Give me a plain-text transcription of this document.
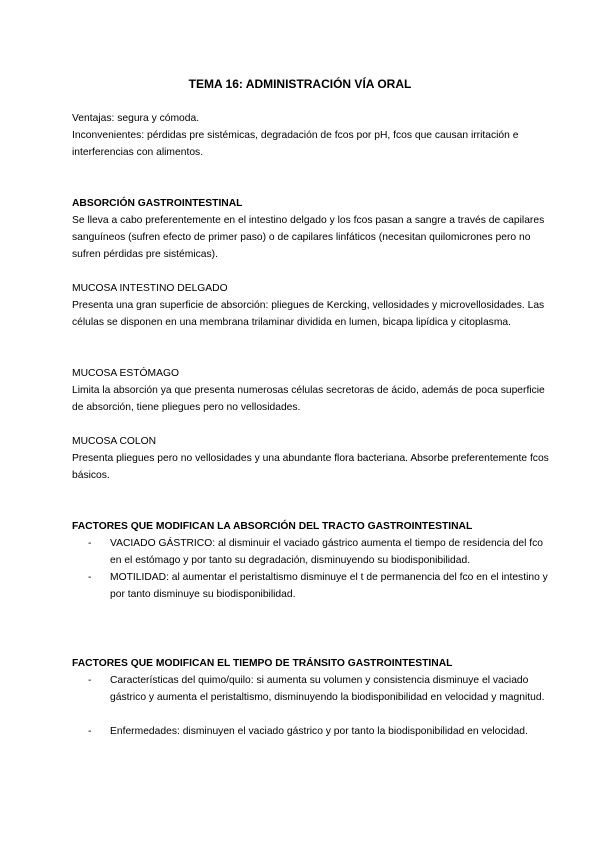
TEMA 16: ADMINISTRACIÓN VÍA ORAL

Ventajas: segura y cómoda.

Inconvenientes: pérdidas pre sistémicas, degradación de fcos por pH, fcos que causan irritación e interferencias con alimentos.

ABSORCIÓN GASTROINTESTINAL

Se lleva a cabo preferentemente en el intestino delgado y los fcos pasan a sangre a través de capilares sanguíneos (sufren efecto de primer paso) o de capilares linfáticos (necesitan quilomicrones pero no sufren pérdidas pre sistémicas).

MUCOSA INTESTINO DELGADO

Presenta una gran superficie de absorción: pliegues de Kercking, vellosidades y microvellosidades. Las células se disponen en una membrana trilaminar dividida en lumen, bicapa lipídica y citoplasma.

MUCOSA ESTÓMAGO

Limita la absorción ya que presenta numerosas células secretoras de ácido, además de poca superficie de absorción, tiene pliegues pero no vellosidades.

MUCOSA COLON

Presenta pliegues pero no vellosidades y una abundante flora bacteriana. Absorbe preferentemente fcos básicos.

FACTORES QUE MODIFICAN LA ABSORCIÓN DEL TRACTO GASTROINTESTINAL

- VACIADO GÁSTRICO: al disminuir el vaciado gástrico aumenta el tiempo de residencia del fco en el estómago y por tanto su degradación, disminuyendo su biodisponibilidad.
- MOTILIDAD: al aumentar el peristaltismo disminuye el t de permanencia del fco en el intestino y por tanto disminuye su biodisponibilidad.

FACTORES QUE MODIFICAN EL TIEMPO DE TRÁNSITO GASTROINTESTINAL

- Características del quimo/quilo: si aumenta su volumen y consistencia disminuye el vaciado gástrico y aumenta el peristaltismo, disminuyendo la biodisponibilidad en velocidad y magnitud.
- Enfermedades: disminuyen el vaciado gástrico y por tanto la biodisponibilidad en velocidad.
